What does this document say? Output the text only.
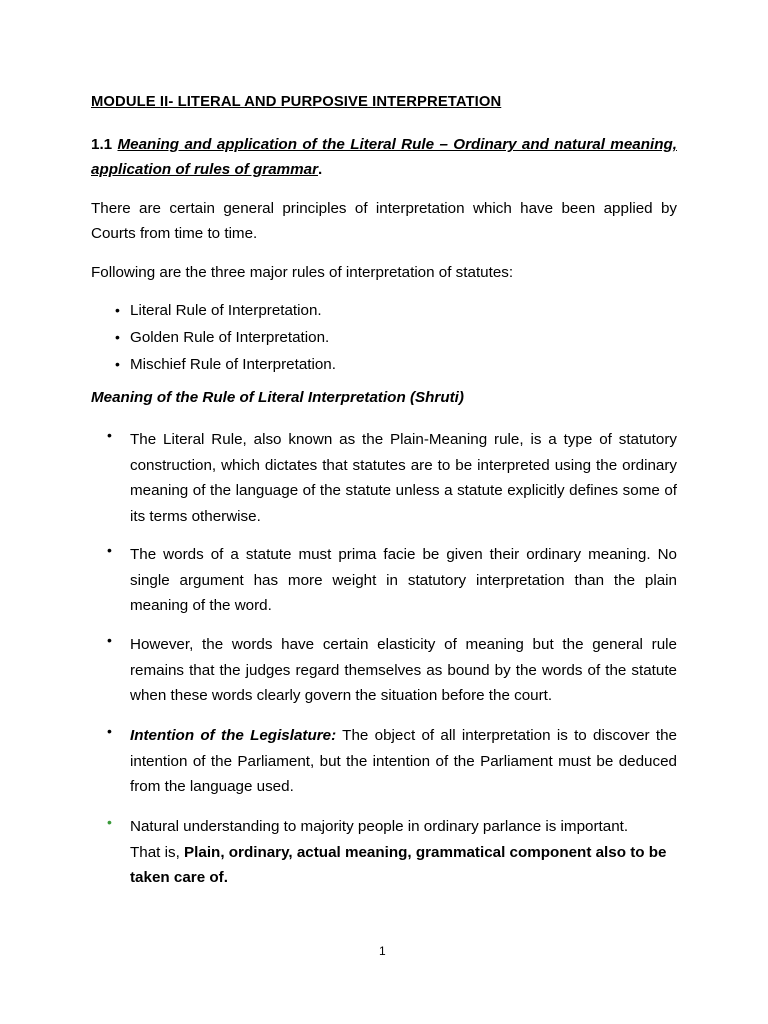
MODULE II- LITERAL AND PURPOSIVE INTERPRETATION

1.1 Meaning and application of the Literal Rule – Ordinary and natural meaning, application of rules of grammar.

There are certain general principles of interpretation which have been applied by Courts from time to time.

Following are the three major rules of interpretation of statutes:

• Literal Rule of Interpretation.
• Golden Rule of Interpretation.
• Mischief Rule of Interpretation.

Meaning of the Rule of Literal Interpretation (Shruti)

• The Literal Rule, also known as the Plain-Meaning rule, is a type of statutory construction, which dictates that statutes are to be interpreted using the ordinary meaning of the language of the statute unless a statute explicitly defines some of its terms otherwise.

• The words of a statute must prima facie be given their ordinary meaning. No single argument has more weight in statutory interpretation than the plain meaning of the word.

• However, the words have certain elasticity of meaning but the general rule remains that the judges regard themselves as bound by the words of the statute when these words clearly govern the situation before the court.

• Intention of the Legislature: The object of all interpretation is to discover the intention of the Parliament, but the intention of the Parliament must be deduced from the language used.

• Natural understanding to majority people in ordinary parlance is important.
That is, Plain, ordinary, actual meaning, grammatical component also to be taken care of.

1
